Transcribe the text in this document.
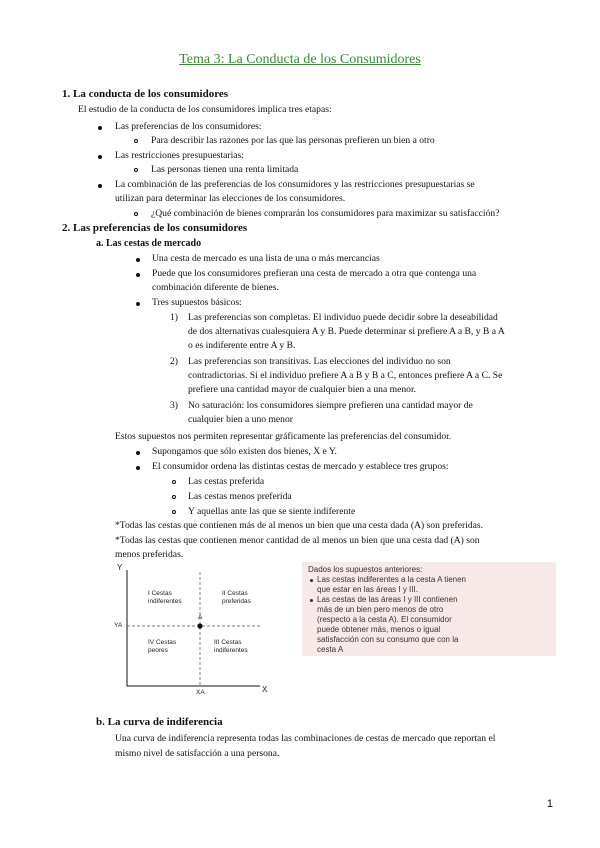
Tema 3: La Conducta de los Consumidores
1. La conducta de los consumidores
El estudio de la conducta de los consumidores implica tres etapas:
Las preferencias de los consumidores:
Para describir las razones por las que las personas prefieren un bien a otro
Las restricciones presupuestarias:
Las personas tienen una renta limitada
La combinación de las preferencias de los consumidores y las restricciones presupuestarias se
utilizan para determinar las elecciones de los consumidores.
¿Qué combinación de bienes comprarán los consumidores para maximizar su satisfacción?
2. Las preferencias de los consumidores
a. Las cestas de mercado
Una cesta de mercado es una lista de una o más mercancías
Puede que los consumidores prefieran una cesta de mercado a otra que contenga una
combinación diferente de bienes.
Tres supuestos básicos:
1) Las preferencias son completas. El individuo puede decidir sobre la deseabilidad
de dos alternativas cualesquiera A y B. Puede determinar si prefiere A a B, y B a A
o es indiferente entre A y B.
2) Las preferencias son transitivas. Las elecciones del individuo no son
contradictorias. Si el individuo prefiere A a B y B a C, entonces prefiere A a C. Se
prefiere una cantidad mayor de cualquier bien a una menor.
3) No saturación: los consumidores siempre prefieren una cantidad mayor de
cualquier bien a uno menor
Estos supuestos nos permiten representar gráficamente las preferencias del consumidor.
Supongamos que sólo existen dos bienes, X e Y.
El consumidor ordena las distintas cestas de mercado y establece tres grupos:
Las cestas preferida
Las cestas menos preferida
Y aquellas ante las que se siente indiferente
*Todas las cestas que contienen más de al menos un bien que una cesta dada (A) son preferidas.
*Todas las cestas que contienen menor cantidad de al menos un bien que una cesta dad (A) son
menos preferidas.
Y
X
YA
XA
A
I Cestas
indiferentes
II Cestas
preferidas
IV Cestas
peores
III Cestas
indiferentes
Dados los supuestos anteriores:
Las cestas indiferentes a la cesta A tienen
que estar en las áreas I y III.
Las cestas de las áreas I y III contienen
más de un bien pero menos de otro
(respecto a la cesta A). El consumidor
puede obtener más, menos o igual
satisfacción con su consumo que con la
cesta A
b. La curva de indiferencia
Una curva de indiferencia representa todas las combinaciones de cestas de mercado que reportan el
mismo nivel de satisfacción a una persona.
1
